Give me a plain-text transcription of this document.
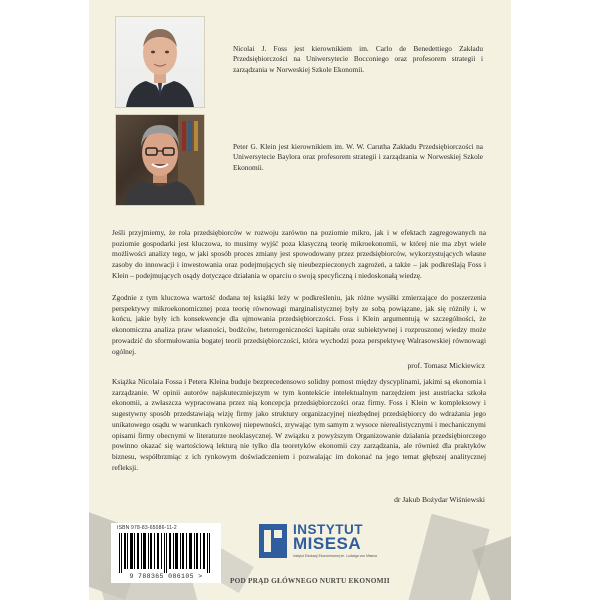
Nicolai J. Foss jest kierownikiem im. Carlo de Benedettiego Zakładu Przedsiębiorczości na Uniwersytecie Bocconiego oraz profesorem strategii i zarządzania w Norweskiej Szkole Ekonomii.
Peter G. Klein jest kierownikiem im. W. W. Carutha Zakładu Przedsiębiorczości na Uniwersytecie Baylora oraz profesorem strategii i zarządzania w Norweskiej Szkole Ekonomii.

Jeśli przyjmiemy, że rola przedsiębiorców w rozwoju zarówno na poziomie mikro, jak i w efektach zagregowanych na poziomie gospodarki jest kluczowa, to musimy wyjść poza klasyczną teorię mikroekonomii, w której nie ma zbyt wiele możliwości analizy tego, w jaki sposób proces zmiany jest spowodowany przez przedsiębiorców, wykorzystujących własne zasoby do innowacji i inwestowania oraz podejmujących się nieubezpieczonych zagrożeń, a także – jak podkreślają Foss i Klein – podejmujących osądy dotyczące działania w oparciu o swoją specyficzną i niedoskonałą wiedzę.

Zgodnie z tym kluczowa wartość dodana tej książki leży w podkreśleniu, jak różne wysiłki zmierzające do poszerzenia perspektywy mikroekonomicznej poza teorię równowagi marginalistycznej były ze sobą powiązane, jak się różniły i, w końcu, jakie były ich konsekwencje dla ujmowania przedsiębiorczości. Foss i Klein argumentują w szczególności, że ekonomiczna analiza praw własności, bodźców, heterogeniczności kapitału oraz subiektywnej i rozproszonej wiedzy może prowadzić do sformułowania bogatej teorii przedsiębiorczości, która wychodzi poza perspektywę Walrasowskiej równowagi ogólnej.

prof. Tomasz Mickiewicz

Książka Nicolaia Fossa i Petera Kleina buduje bezprecedensowo solidny pomost między dyscyplinami, jakimi są ekonomia i zarządzanie. W opinii autorów najskuteczniejszym w tym kontekście intelektualnym narzędziem jest austriacka szkoła ekonomii, a zwłaszcza wypracowana przez nią koncepcja przedsiębiorczości oraz firmy. Foss i Klein w kompleksowy i sugestywny sposób przedstawiają wizję firmy jako struktury organizacyjnej niezbędnej przedsiębiorcy do wdrażania jego unikatowego osądu w warunkach rynkowej niepewności, zrywając tym samym z wysoce nierealistycznymi i mechanicznymi opisami firmy obecnymi w literaturze neoklasycznej. W związku z powyższym Organizowanie działania przedsiębiorczego powinno okazać się wartościową lekturą nie tylko dla teoretyków ekonomii czy zarządzania, ale również dla praktyków biznesu, współbrzmiąc z ich rynkowym doświadczeniem i pozwalając im dokonać na jego temat głębszej analitycznej refleksji.

dr Jakub Bożydar Wiśniewski
ISBN 978-83-65086-11-2
9 788365 086105 >
INSTYTUT
MISESA
Instytut Edukacji Ekonomicznej im. Ludwiga von Misesa
POD PRĄD GŁÓWNEGO NURTU EKONOMII
